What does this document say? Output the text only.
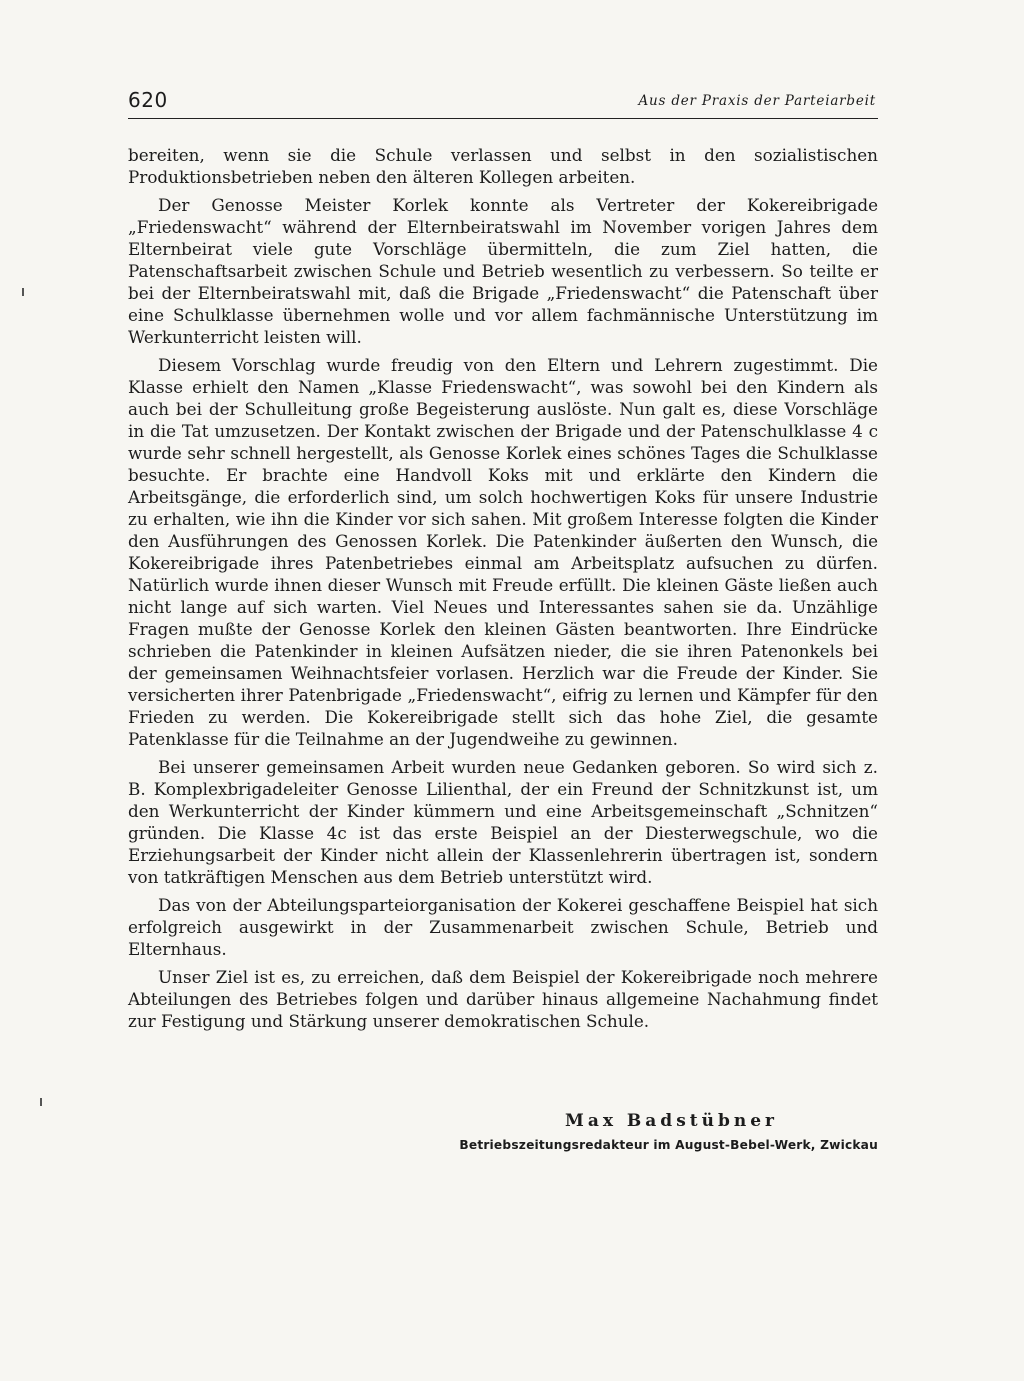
620	Aus der Praxis der Parteiarbeit

bereiten, wenn sie die Schule verlassen und selbst in den sozialistischen Produktionsbetrieben neben den älteren Kollegen arbeiten.

Der Genosse Meister Korlek konnte als Vertreter der Kokereibrigade „Friedenswacht“ während der Elternbeiratswahl im November vorigen Jahres dem Elternbeirat viele gute Vorschläge übermitteln, die zum Ziel hatten, die Patenschaftsarbeit zwischen Schule und Betrieb wesentlich zu verbessern. So teilte er bei der Elternbeiratswahl mit, daß die Brigade „Friedenswacht“ die Patenschaft über eine Schulklasse übernehmen wolle und vor allem fachmännische Unterstützung im Werkunterricht leisten will.

Diesem Vorschlag wurde freudig von den Eltern und Lehrern zugestimmt. Die Klasse erhielt den Namen „Klasse Friedenswacht“, was sowohl bei den Kindern als auch bei der Schulleitung große Begeisterung auslöste. Nun galt es, diese Vorschläge in die Tat umzusetzen. Der Kontakt zwischen der Brigade und der Patenschulklasse 4 c wurde sehr schnell hergestellt, als Genosse Korlek eines schönes Tages die Schulklasse besuchte. Er brachte eine Handvoll Koks mit und erklärte den Kindern die Arbeitsgänge, die erforderlich sind, um solch hochwertigen Koks für unsere Industrie zu erhalten, wie ihn die Kinder vor sich sahen. Mit großem Interesse folgten die Kinder den Ausführungen des Genossen Korlek. Die Patenkinder äußerten den Wunsch, die Kokereibrigade ihres Patenbetriebes einmal am Arbeitsplatz aufsuchen zu dürfen. Natürlich wurde ihnen dieser Wunsch mit Freude erfüllt. Die kleinen Gäste ließen auch nicht lange auf sich warten. Viel Neues und Interessantes sahen sie da. Unzählige Fragen mußte der Genosse Korlek den kleinen Gästen beantworten. Ihre Eindrücke schrieben die Patenkinder in kleinen Aufsätzen nieder, die sie ihren Patenonkels bei der gemeinsamen Weihnachtsfeier vorlasen. Herzlich war die Freude der Kinder. Sie versicherten ihrer Patenbrigade „Friedenswacht“, eifrig zu lernen und Kämpfer für den Frieden zu werden. Die Kokereibrigade stellt sich das hohe Ziel, die gesamte Patenklasse für die Teilnahme an der Jugendweihe zu gewinnen.

Bei unserer gemeinsamen Arbeit wurden neue Gedanken geboren. So wird sich z. B. Komplexbrigadeleiter Genosse Lilienthal, der ein Freund der Schnitzkunst ist, um den Werkunterricht der Kinder kümmern und eine Arbeitsgemeinschaft „Schnitzen“ gründen. Die Klasse 4c ist das erste Beispiel an der Diesterwegschule, wo die Erziehungsarbeit der Kinder nicht allein der Klassenlehrerin übertragen ist, sondern von tatkräftigen Menschen aus dem Betrieb unterstützt wird.

Das von der Abteilungsparteiorganisation der Kokerei geschaffene Beispiel hat sich erfolgreich ausgewirkt in der Zusammenarbeit zwischen Schule, Betrieb und Elternhaus.

Unser Ziel ist es, zu erreichen, daß dem Beispiel der Kokereibrigade noch mehrere Abteilungen des Betriebes folgen und darüber hinaus allgemeine Nachahmung findet zur Festigung und Stärkung unserer demokratischen Schule.

Max Badstübner
Betriebszeitungsredakteur im August-Bebel-Werk, Zwickau
